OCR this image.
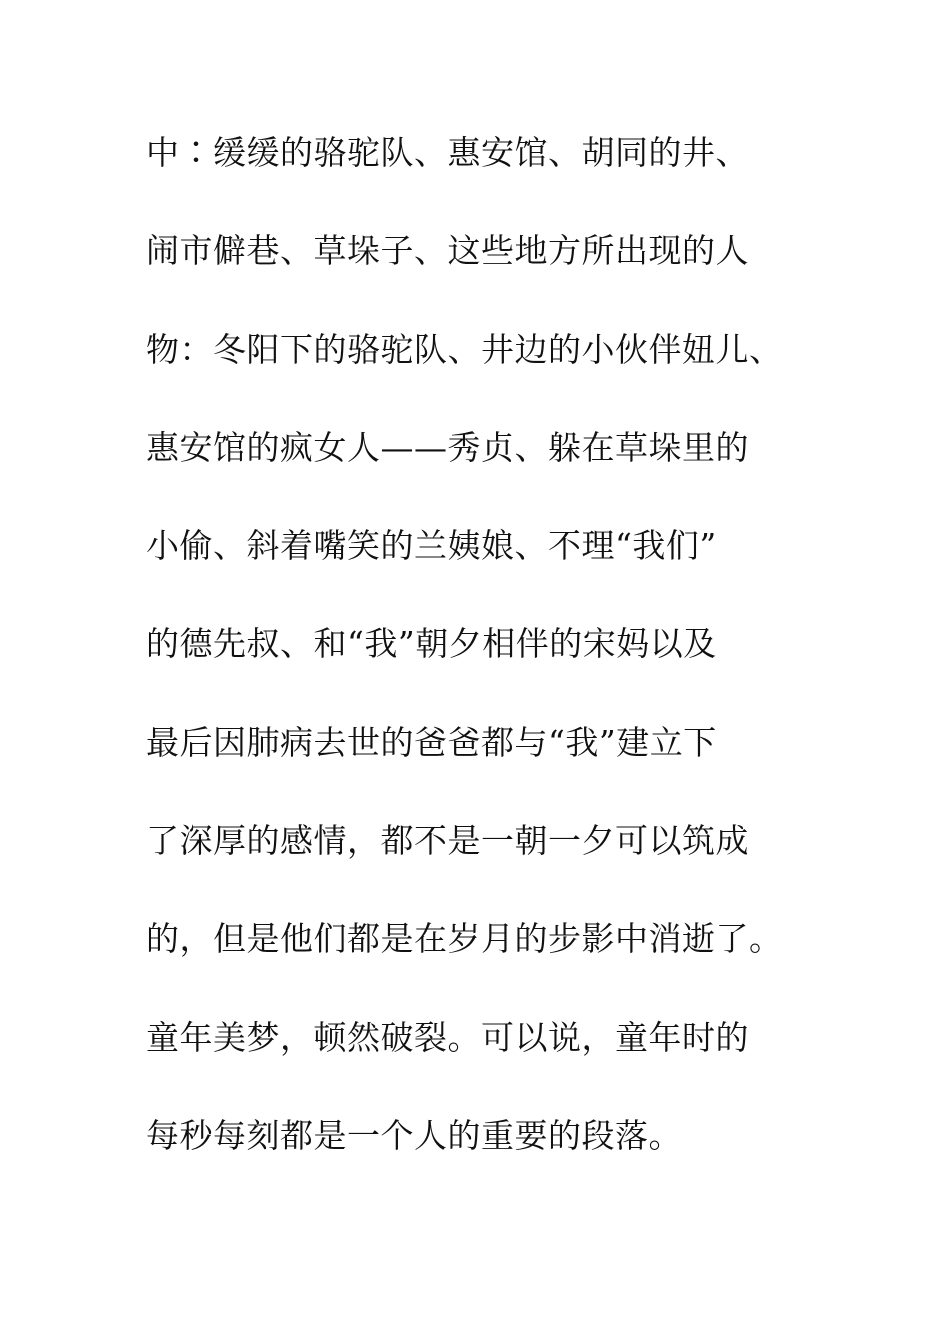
中∶缓缓的骆驼队、惠安馆、胡同的井、
闹市僻巷、草垛子、这些地方所出现的人
物：冬阳下的骆驼队、井边的小伙伴妞儿、
惠安馆的疯女人——秀贞、躲在草垛里的
小偷、斜着嘴笑的兰姨娘、不理“我们”
的德先叔、和“我”朝夕相伴的宋妈以及
最后因肺病去世的爸爸都与“我”建立下
了深厚的感情，都不是一朝一夕可以筑成
的，但是他们都是在岁月的步影中消逝了。
童年美梦，顿然破裂。可以说，童年时的
每秒每刻都是一个人的重要的段落。
